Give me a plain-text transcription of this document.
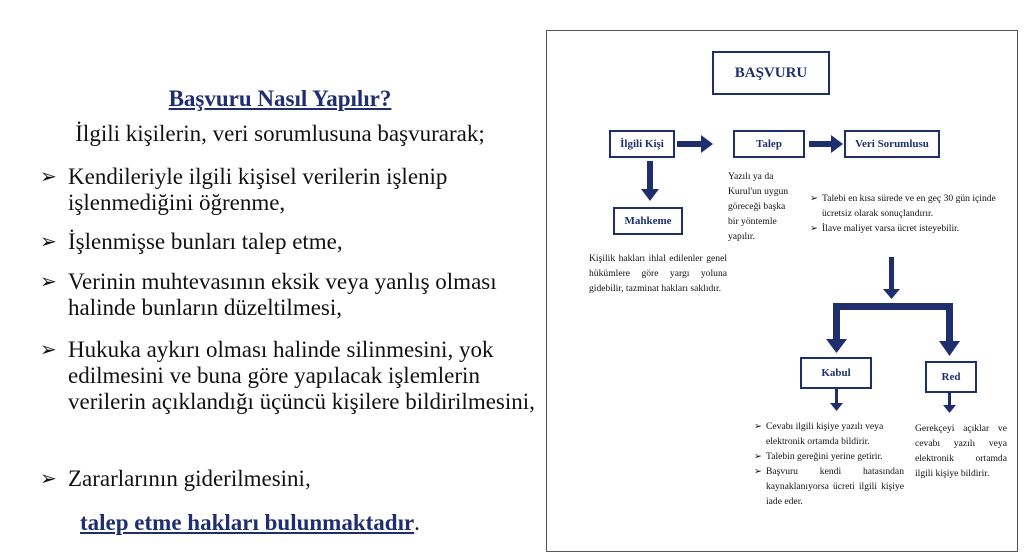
Başvuru Nasıl Yapılır?
İlgili kişilerin, veri sorumlusuna başvurarak;
➢ Kendileriyle ilgili kişisel verilerin işlenip işlenmediğini öğrenme,
➢ İşlenmişse bunları talep etme,
➢ Verinin muhtevasının eksik veya yanlış olması halinde bunların düzeltilmesi,
➢ Hukuka aykırı olması halinde silinmesini, yok edilmesini ve buna göre yapılacak işlemlerin verilerin açıklandığı üçüncü kişilere bildirilmesini,
➢ Zararlarının giderilmesini,
talep etme hakları bulunmaktadır.
BAŞVURU
İlgili Kişi	Talep	Veri Sorumlusu
Mahkeme
Kabul	Red
Yazılı ya da Kurul'un uygun göreceği başka bir yöntemle yapılır.
Kişilik hakları ihlal edilenler genel hükümlere göre yargı yoluna gidebilir, tazminat hakları saklıdır.
➢ Talebi en kısa sürede ve en geç 30 gün içinde ücretsiz olarak sonuçlandırır.
➢ İlave maliyet varsa ücret isteyebilir.
➢ Cevabı ilgili kişiye yazılı veya elektronik ortamda bildirir.
➢ Talebin gereğini yerine getirir.
➢ Başvuru kendi hatasından kaynaklanıyorsa ücreti ilgili kişiye iade eder.
Gerekçeyi açıklar ve cevabı yazılı veya elektronik ortamda ilgili kişiye bildirir.
